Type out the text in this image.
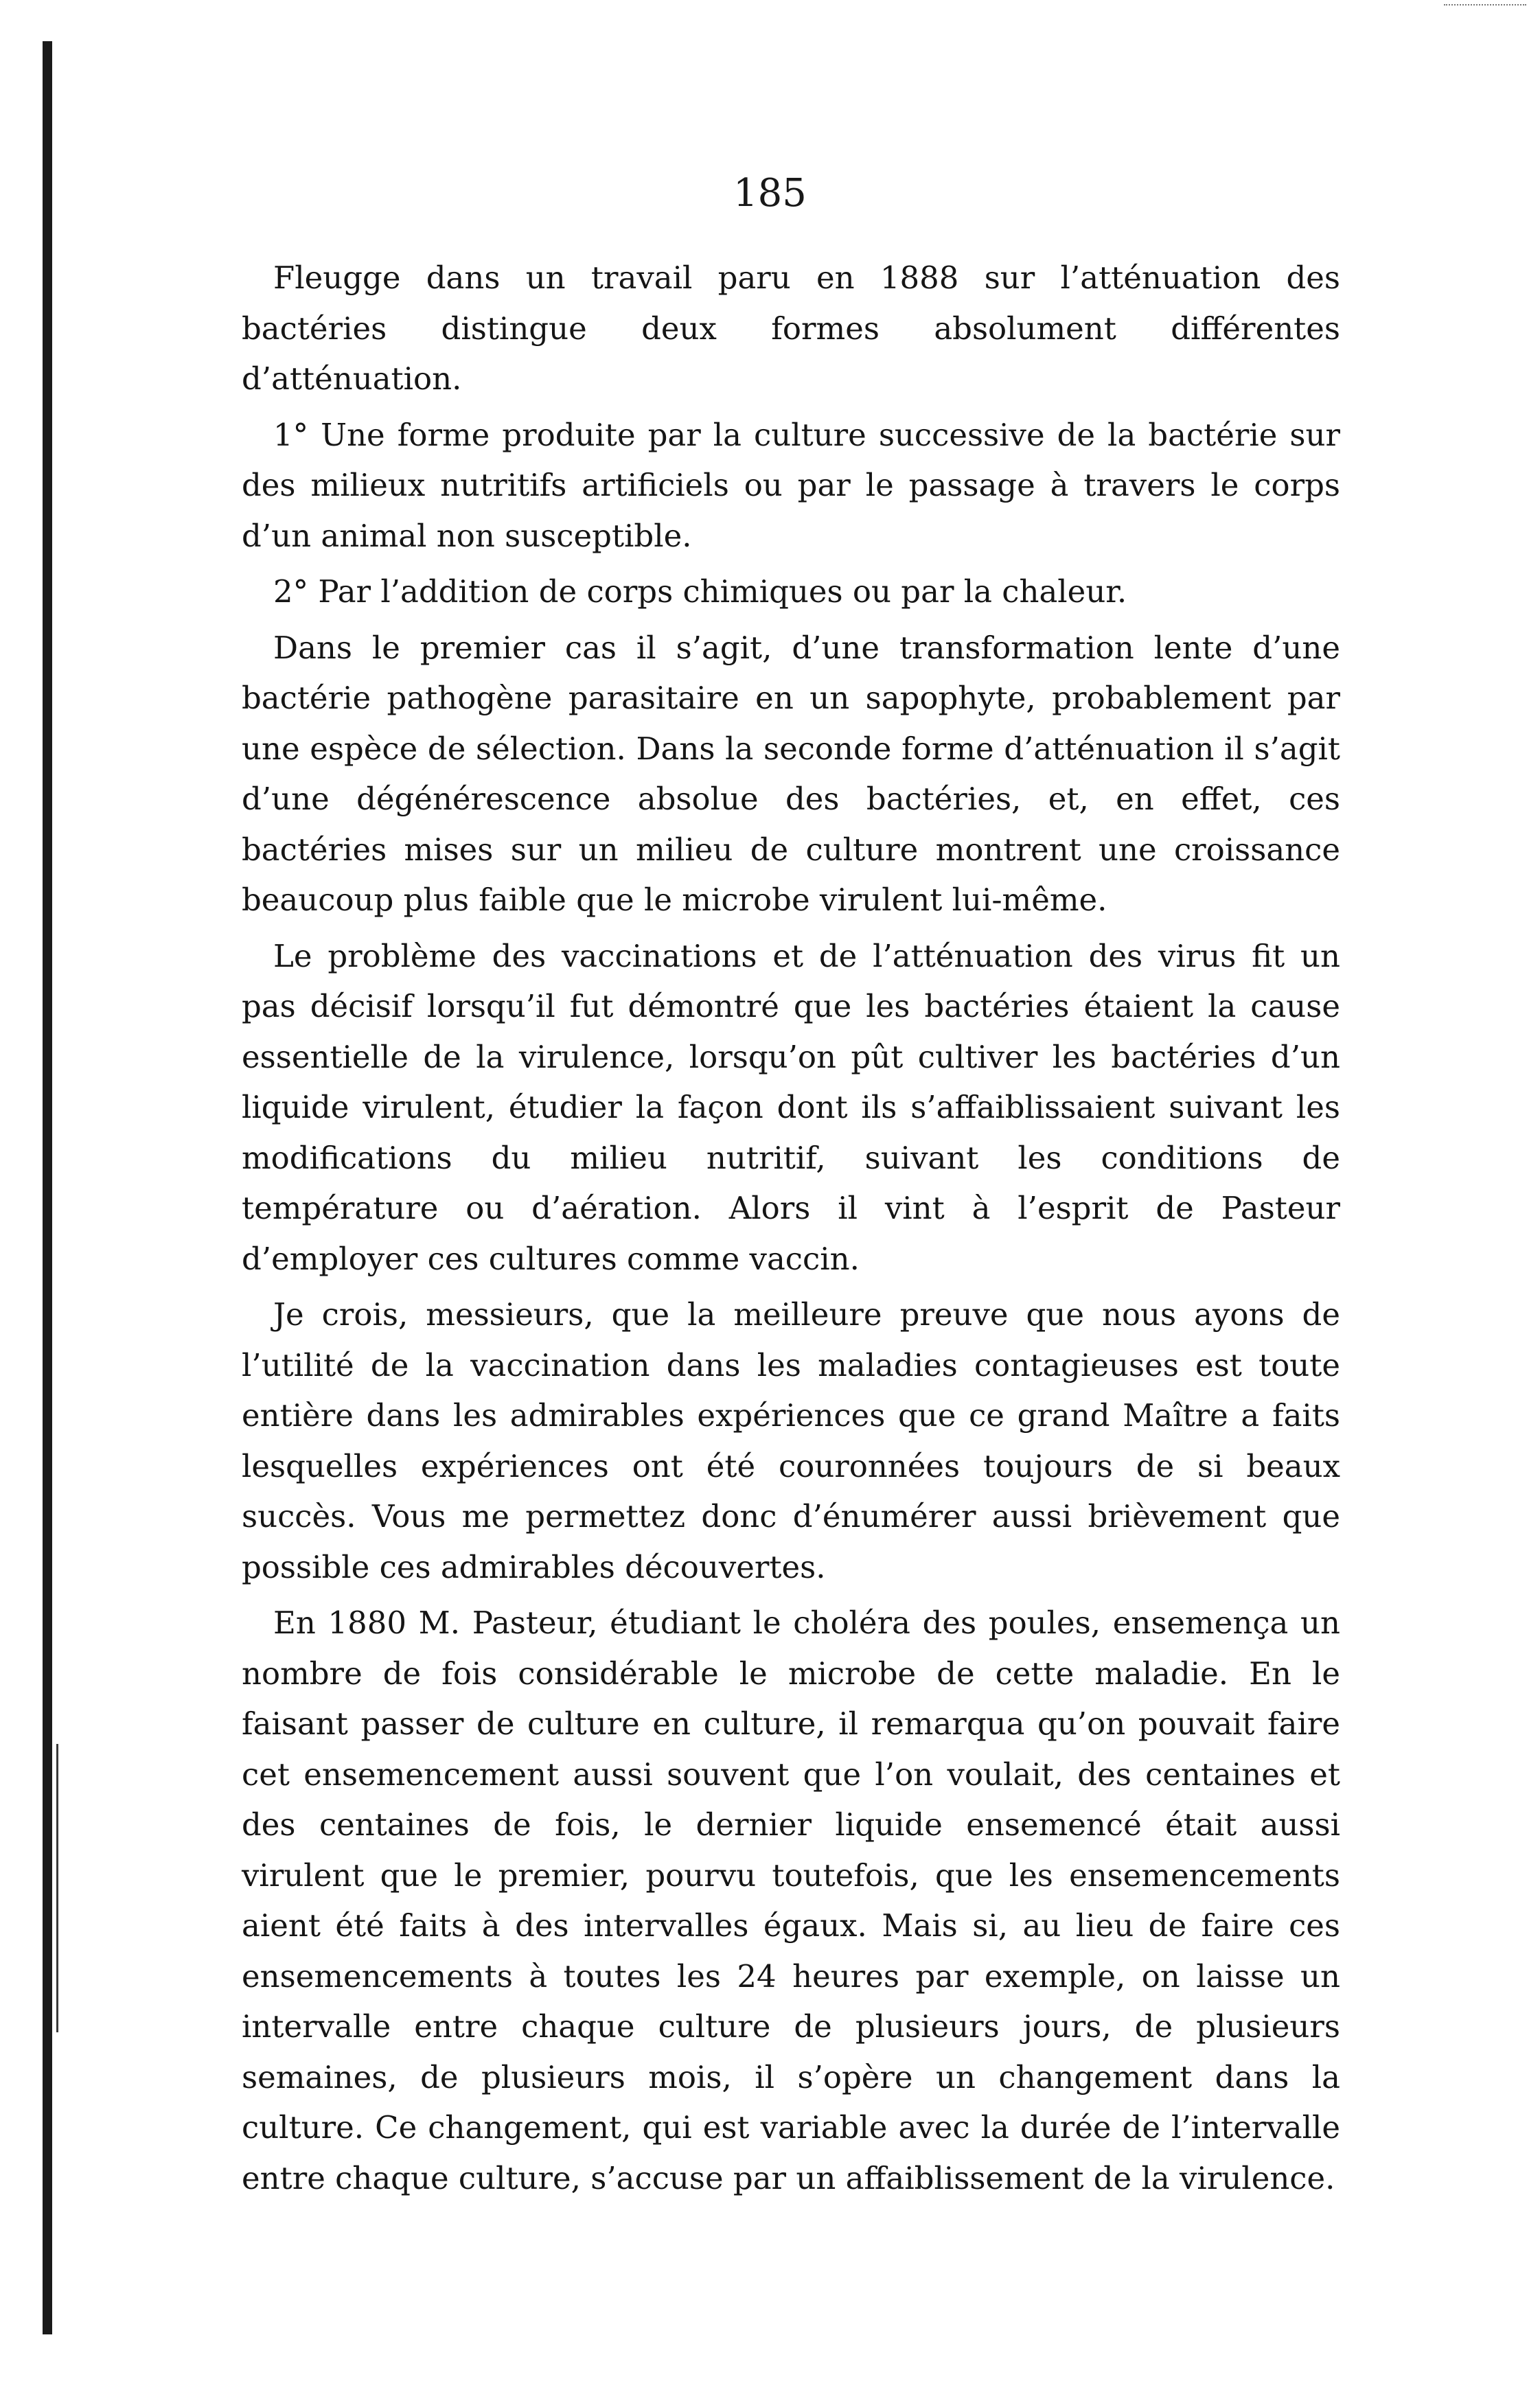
185

Fleugge dans un travail paru en 1888 sur l’atténuation des bactéries distingue deux formes absolument différentes d’atténuation.

1° Une forme produite par la culture successive de la bactérie sur des milieux nutritifs artificiels ou par le passage à travers le corps d’un animal non susceptible.

2° Par l’addition de corps chimiques ou par la chaleur.

Dans le premier cas il s’agit, d’une transformation lente d’une bactérie pathogène parasitaire en un sapophyte, probablement par une espèce de sélection. Dans la seconde forme d’atténuation il s’agit d’une dégénérescence absolue des bactéries, et, en effet, ces bactéries mises sur un milieu de culture montrent une croissance beaucoup plus faible que le microbe virulent lui-même.

Le problème des vaccinations et de l’atténuation des virus fit un pas décisif lorsqu’il fut démontré que les bactéries étaient la cause essentielle de la virulence, lorsqu’on pût cultiver les bactéries d’un liquide virulent, étudier la façon dont ils s’affaiblissaient suivant les modifications du milieu nutritif, suivant les conditions de température ou d’aération. Alors il vint à l’esprit de Pasteur d’employer ces cultures comme vaccin.

Je crois, messieurs, que la meilleure preuve que nous ayons de l’utilité de la vaccination dans les maladies contagieuses est toute entière dans les admirables expériences que ce grand Maître a faits lesquelles expériences ont été couronnées toujours de si beaux succès. Vous me permettez donc d’énumérer aussi brièvement que possible ces admirables découvertes.

En 1880 M. Pasteur, étudiant le choléra des poules, ensemença un nombre de fois considérable le microbe de cette maladie. En le faisant passer de culture en culture, il remarqua qu’on pouvait faire cet ensemencement aussi souvent que l’on voulait, des centaines et des centaines de fois, le dernier liquide ensemencé était aussi virulent que le premier, pourvu toutefois, que les ensemencements aient été faits à des intervalles égaux. Mais si, au lieu de faire ces ensemencements à toutes les 24 heures par exemple, on laisse un intervalle entre chaque culture de plusieurs jours, de plusieurs semaines, de plusieurs mois, il s’opère un changement dans la culture. Ce changement, qui est variable avec la durée de l’intervalle entre chaque culture, s’accuse par un affaiblissement de la virulence.
